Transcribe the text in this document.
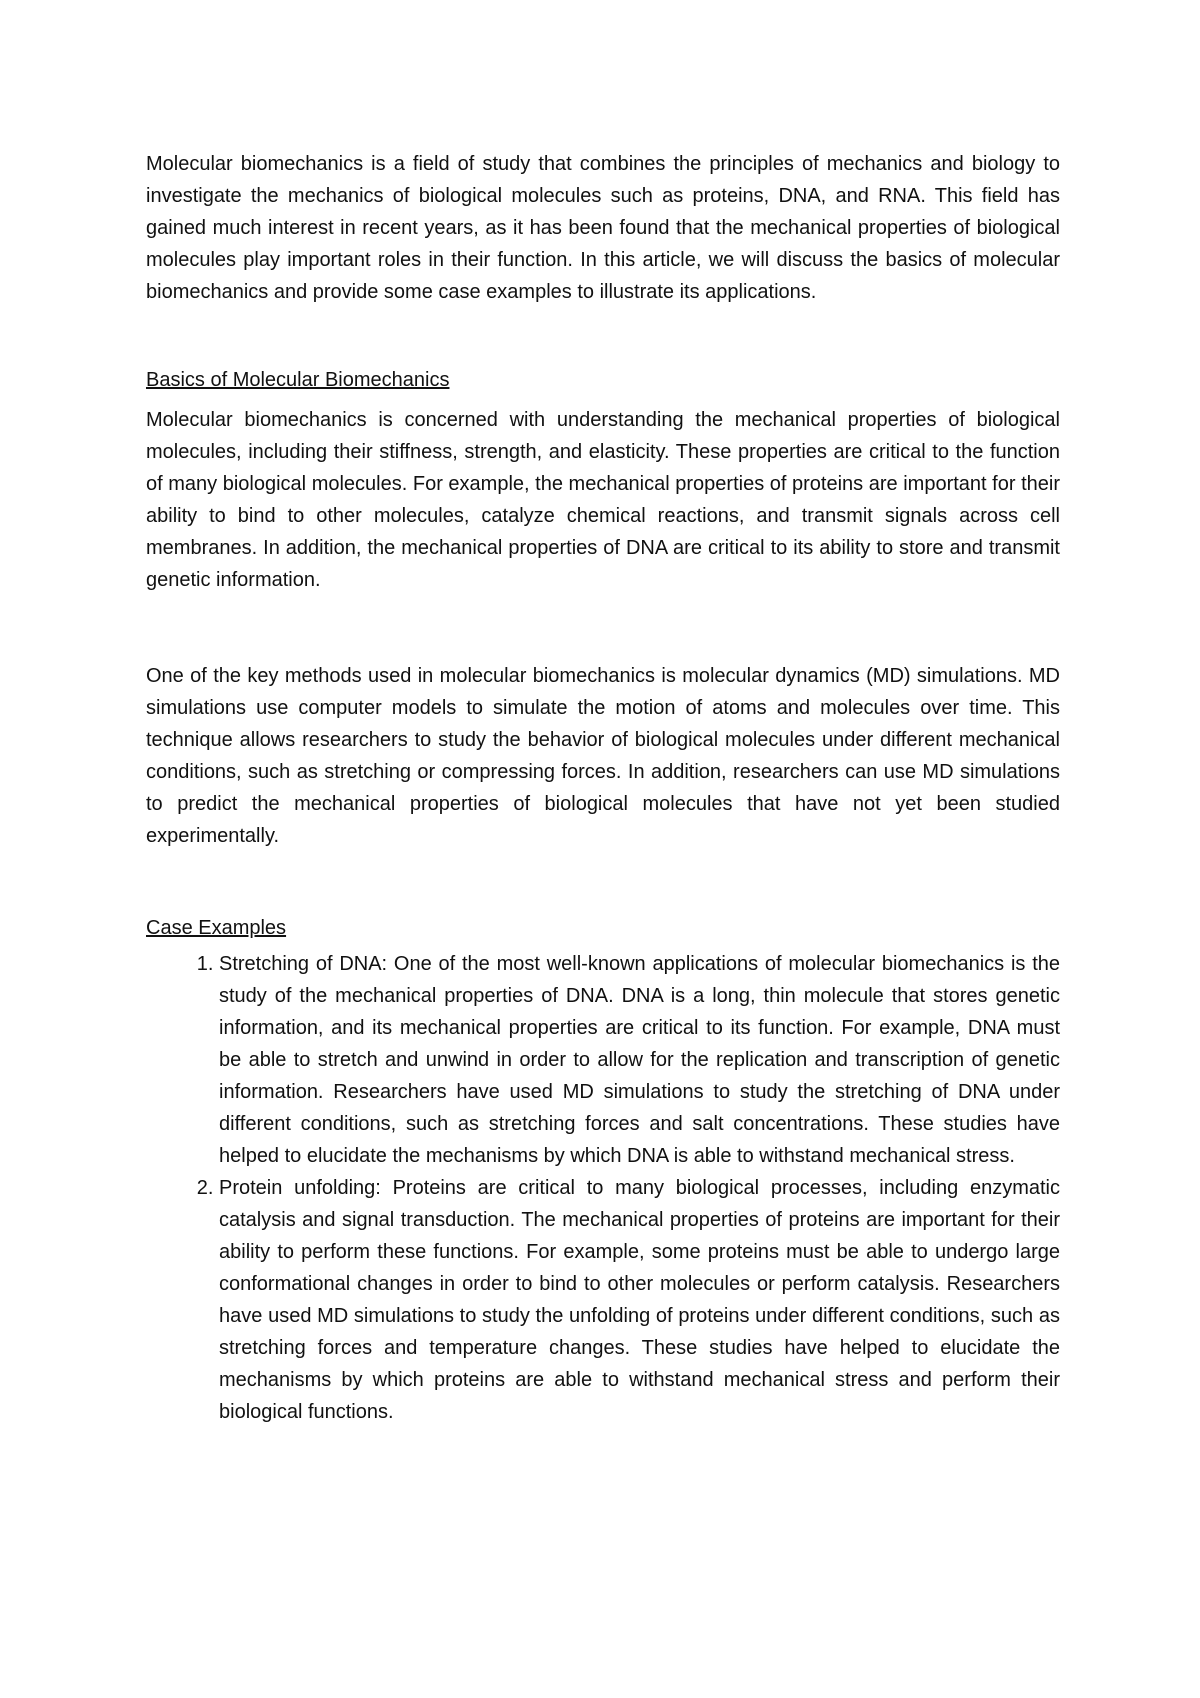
Molecular biomechanics is a field of study that combines the principles of mechanics and biology to investigate the mechanics of biological molecules such as proteins, DNA, and RNA. This field has gained much interest in recent years, as it has been found that the mechanical properties of biological molecules play important roles in their function. In this article, we will discuss the basics of molecular biomechanics and provide some case examples to illustrate its applications.

Basics of Molecular Biomechanics

Molecular biomechanics is concerned with understanding the mechanical properties of biological molecules, including their stiffness, strength, and elasticity. These properties are critical to the function of many biological molecules. For example, the mechanical properties of proteins are important for their ability to bind to other molecules, catalyze chemical reactions, and transmit signals across cell membranes. In addition, the mechanical properties of DNA are critical to its ability to store and transmit genetic information.

One of the key methods used in molecular biomechanics is molecular dynamics (MD) simulations. MD simulations use computer models to simulate the motion of atoms and molecules over time. This technique allows researchers to study the behavior of biological molecules under different mechanical conditions, such as stretching or compressing forces. In addition, researchers can use MD simulations to predict the mechanical properties of biological molecules that have not yet been studied experimentally.

Case Examples

1. Stretching of DNA: One of the most well-known applications of molecular biomechanics is the study of the mechanical properties of DNA. DNA is a long, thin molecule that stores genetic information, and its mechanical properties are critical to its function. For example, DNA must be able to stretch and unwind in order to allow for the replication and transcription of genetic information. Researchers have used MD simulations to study the stretching of DNA under different conditions, such as stretching forces and salt concentrations. These studies have helped to elucidate the mechanisms by which DNA is able to withstand mechanical stress.
2. Protein unfolding: Proteins are critical to many biological processes, including enzymatic catalysis and signal transduction. The mechanical properties of proteins are important for their ability to perform these functions. For example, some proteins must be able to undergo large conformational changes in order to bind to other molecules or perform catalysis. Researchers have used MD simulations to study the unfolding of proteins under different conditions, such as stretching forces and temperature changes. These studies have helped to elucidate the mechanisms by which proteins are able to withstand mechanical stress and perform their biological functions.
